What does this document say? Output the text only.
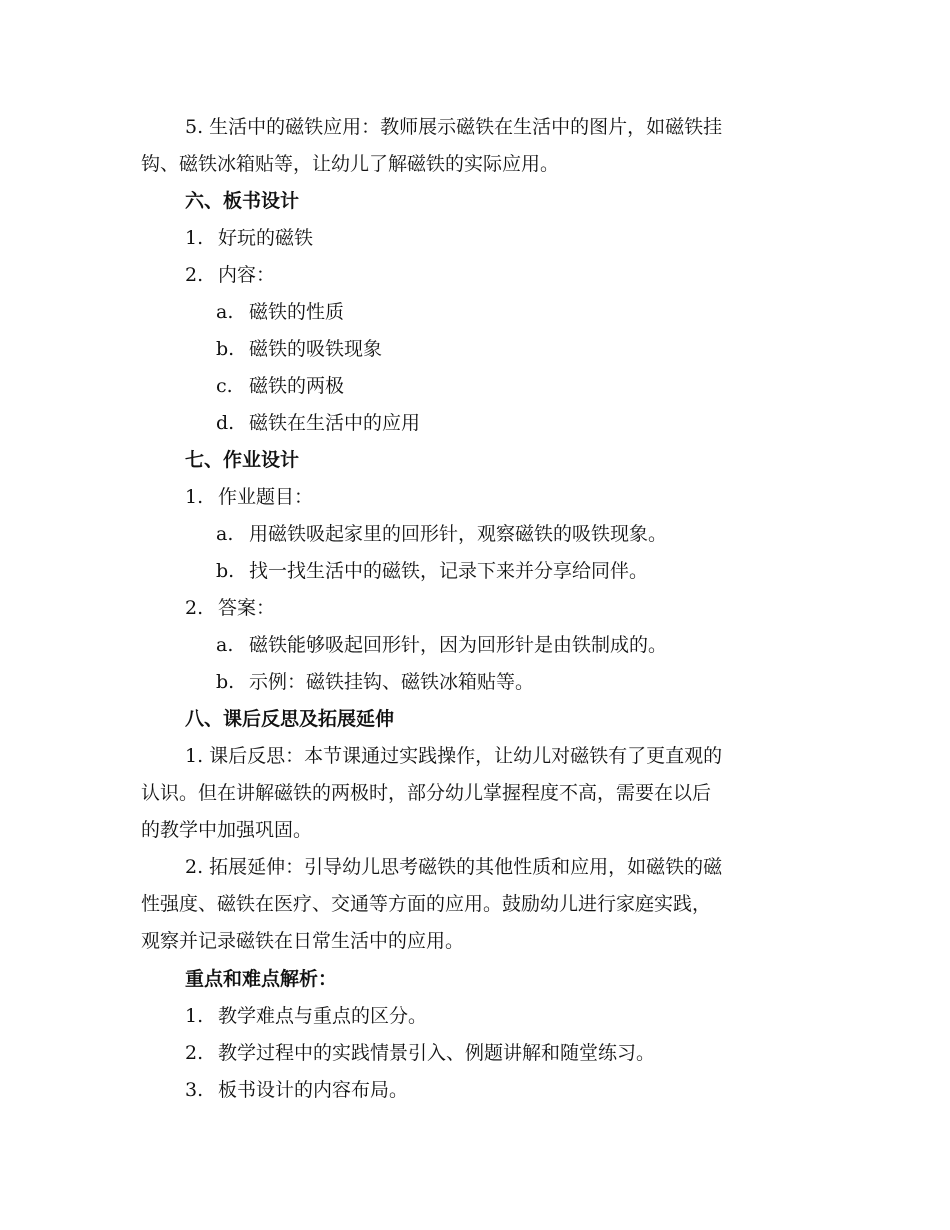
5. 生活中的磁铁应用：教师展示磁铁在生活中的图片，如磁铁挂
钩、磁铁冰箱贴等，让幼儿了解磁铁的实际应用。
六、板书设计
1. 好玩的磁铁
2. 内容：
a. 磁铁的性质
b. 磁铁的吸铁现象
c. 磁铁的两极
d. 磁铁在生活中的应用
七、作业设计
1. 作业题目：
a. 用磁铁吸起家里的回形针，观察磁铁的吸铁现象。
b. 找一找生活中的磁铁，记录下来并分享给同伴。
2. 答案：
a. 磁铁能够吸起回形针，因为回形针是由铁制成的。
b. 示例：磁铁挂钩、磁铁冰箱贴等。
八、课后反思及拓展延伸
1. 课后反思：本节课通过实践操作，让幼儿对磁铁有了更直观的
认识。但在讲解磁铁的两极时，部分幼儿掌握程度不高，需要在以后
的教学中加强巩固。
2. 拓展延伸：引导幼儿思考磁铁的其他性质和应用，如磁铁的磁
性强度、磁铁在医疗、交通等方面的应用。鼓励幼儿进行家庭实践，
观察并记录磁铁在日常生活中的应用。
重点和难点解析：
1. 教学难点与重点的区分。
2. 教学过程中的实践情景引入、例题讲解和随堂练习。
3. 板书设计的内容布局。
